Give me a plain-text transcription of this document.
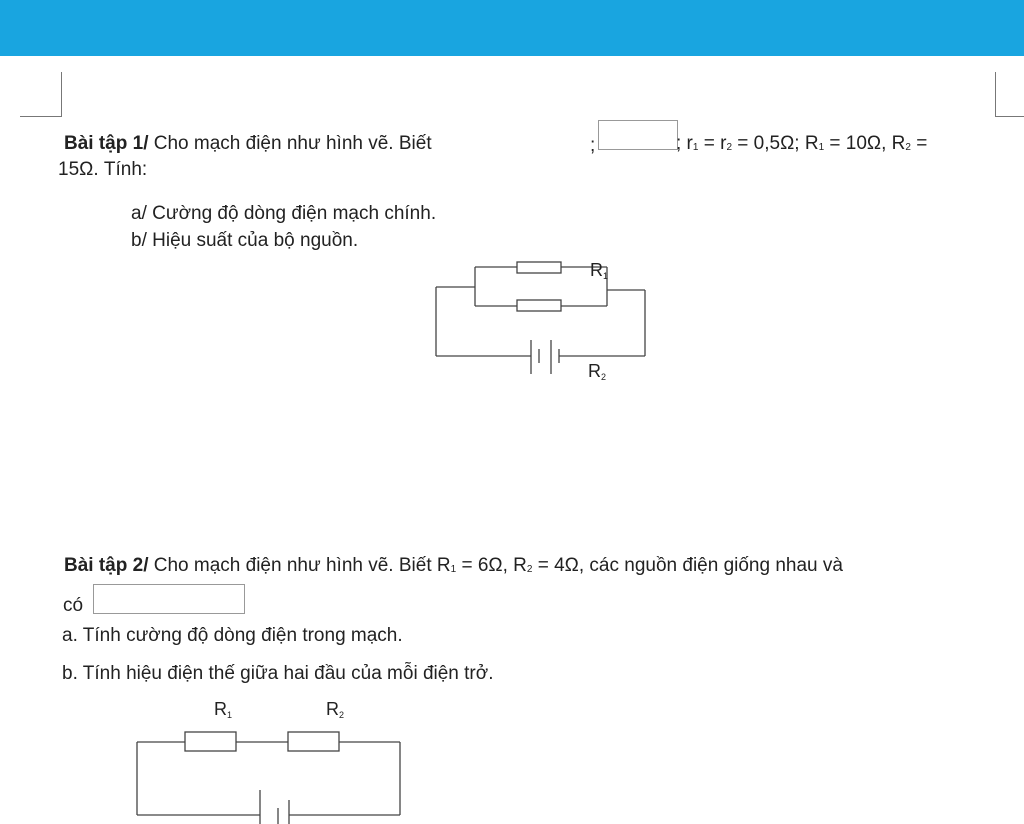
Bài tập 1/ Cho mạch điện như hình vẽ. Biết	;	; r1 = r2 = 0,5Ω; R1 = 10Ω, R2 =
15Ω. Tính:
a/ Cường độ dòng điện mạch chính.
b/ Hiệu suất của bộ nguồn.
R1
R2
R1	R2
Bài tập 2/ Cho mạch điện như hình vẽ. Biết R1 = 6Ω, R2 = 4Ω, các nguồn điện giống nhau và
có
a. Tính cường độ dòng điện trong mạch.
b. Tính hiệu điện thế giữa hai đầu của mỗi điện trở.
